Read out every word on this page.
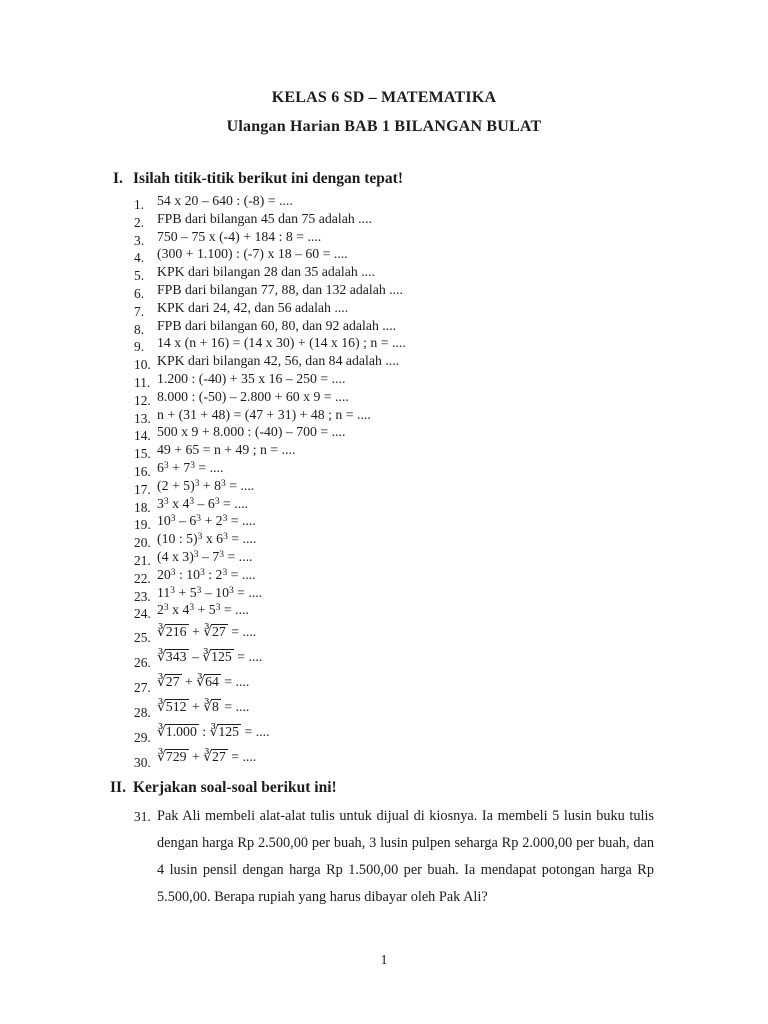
KELAS 6 SD – MATEMATIKA
Ulangan Harian BAB 1 BILANGAN BULAT
I. Isilah titik-titik berikut ini dengan tepat!
1. 54 x 20 – 640 : (-8) = ....
2. FPB dari bilangan 45 dan 75 adalah ....
3. 750 – 75 x (-4) + 184 : 8 = ....
4. (300 + 1.100) : (-7) x 18 – 60 = ....
5. KPK dari bilangan 28 dan 35 adalah ....
6. FPB dari bilangan 77, 88, dan 132 adalah ....
7. KPK dari 24, 42, dan 56 adalah ....
8. FPB dari bilangan 60, 80, dan 92 adalah ....
9. 14 x (n + 16) = (14 x 30) + (14 x 16) ; n = ....
10. KPK dari bilangan 42, 56, dan 84 adalah ....
11. 1.200 : (-40) + 35 x 16 – 250 = ....
12. 8.000 : (-50) – 2.800 + 60 x 9 = ....
13. n + (31 + 48) = (47 + 31) + 48 ; n = ....
14. 500 x 9 + 8.000 : (-40) – 700 = ....
15. 49 + 65 = n + 49 ; n = ....
16. $6^3 + 7^3$ = ....
17. $(2 + 5)^3 + 8^3$ = ....
18. $3^3$ x $4^3 - 6^3$ = ....
19. $10^3 - 6^3 + 2^3$ = ....
20. (10 : 5)$^3$ x $6^3$ = ....
21. (4 x $3)^3 - 7^3$ = ....
22. $20^3$ : $10^3$ : $2^3$ = ....
23. $11^3 + 5^3 - 10^3$ = ....
24. $2^3$ x $4^3 + 5^3$ = ....
25. ∛216 + ∛27 = ....
26. ∛343 – ∛125 = ....
27. ∛27 + ∛64 = ....
28. ∛512 + ∛8 = ....
29. ∛1.000 : ∛125 = ....
30. ∛729 + ∛27 = ....
II. Kerjakan soal-soal berikut ini!
31. Pak Ali membeli alat-alat tulis untuk dijual di kiosnya. Ia membeli 5 lusin buku tulis dengan harga Rp 2.500,00 per buah, 3 lusin pulpen seharga Rp 2.000,00 per buah, dan 4 lusin pensil dengan harga Rp 1.500,00 per buah. Ia mendapat potongan harga Rp 5.500,00. Berapa rupiah yang harus dibayar oleh Pak Ali?
1
